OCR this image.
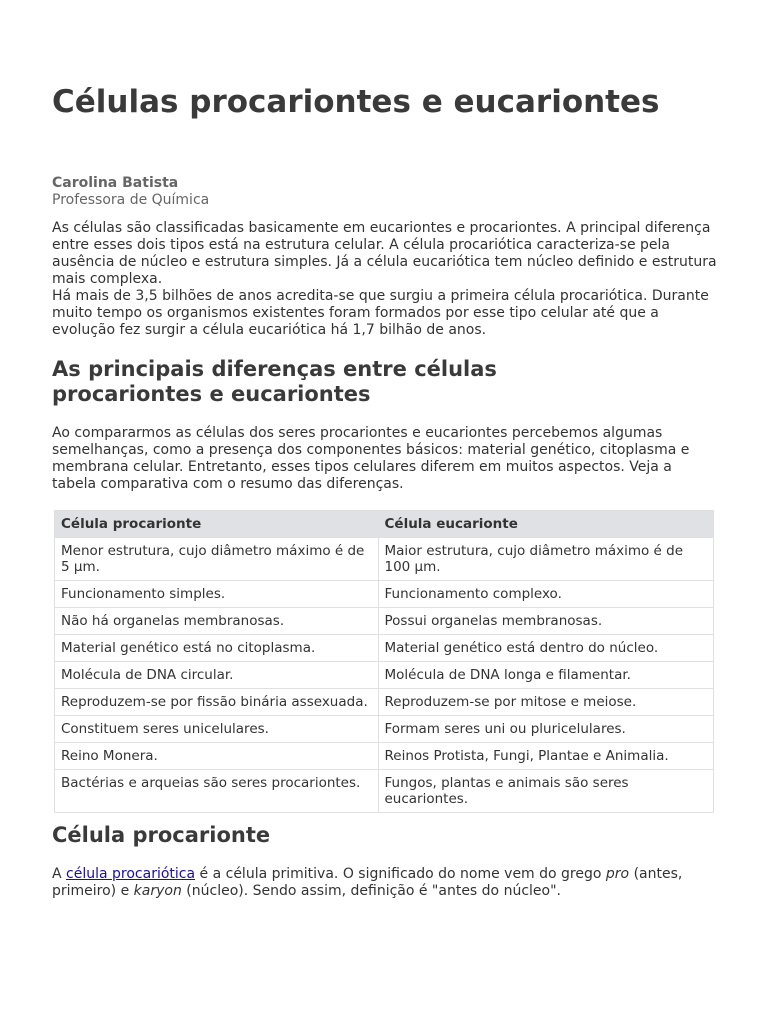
Células procariontes e eucariontes
Carolina Batista
Professora de Química

As células são classificadas basicamente em eucariontes e procariontes. A principal diferença entre esses dois tipos está na estrutura celular. A célula procariótica caracteriza-se pela ausência de núcleo e estrutura simples. Já a célula eucariótica tem núcleo definido e estrutura mais complexa.

Há mais de 3,5 bilhões de anos acredita-se que surgiu a primeira célula procariótica. Durante muito tempo os organismos existentes foram formados por esse tipo celular até que a evolução fez surgir a célula eucariótica há 1,7 bilhão de anos.

As principais diferenças entre células procariontes e eucariontes

Ao compararmos as células dos seres procariontes e eucariontes percebemos algumas semelhanças, como a presença dos componentes básicos: material genético, citoplasma e membrana celular. Entretanto, esses tipos celulares diferem em muitos aspectos. Veja a tabela comparativa com o resumo das diferenças.

Célula procarionte	Célula eucarionte
Menor estrutura, cujo diâmetro máximo é de 5 µm.	Maior estrutura, cujo diâmetro máximo é de 100 µm.
Funcionamento simples.	Funcionamento complexo.
Não há organelas membranosas.	Possui organelas membranosas.
Material genético está no citoplasma.	Material genético está dentro do núcleo.
Molécula de DNA circular.	Molécula de DNA longa e filamentar.
Reproduzem-se por fissão binária assexuada.	Reproduzem-se por mitose e meiose.
Constituem seres unicelulares.	Formam seres uni ou pluricelulares.
Reino Monera.	Reinos Protista, Fungi, Plantae e Animalia.
Bactérias e arqueias são seres procariontes.	Fungos, plantas e animais são seres eucariontes.
Célula procarionte

A célula procariótica é a célula primitiva. O significado do nome vem do grego pro (antes, primeiro) e karyon (núcleo). Sendo assim, definição é "antes do núcleo".
